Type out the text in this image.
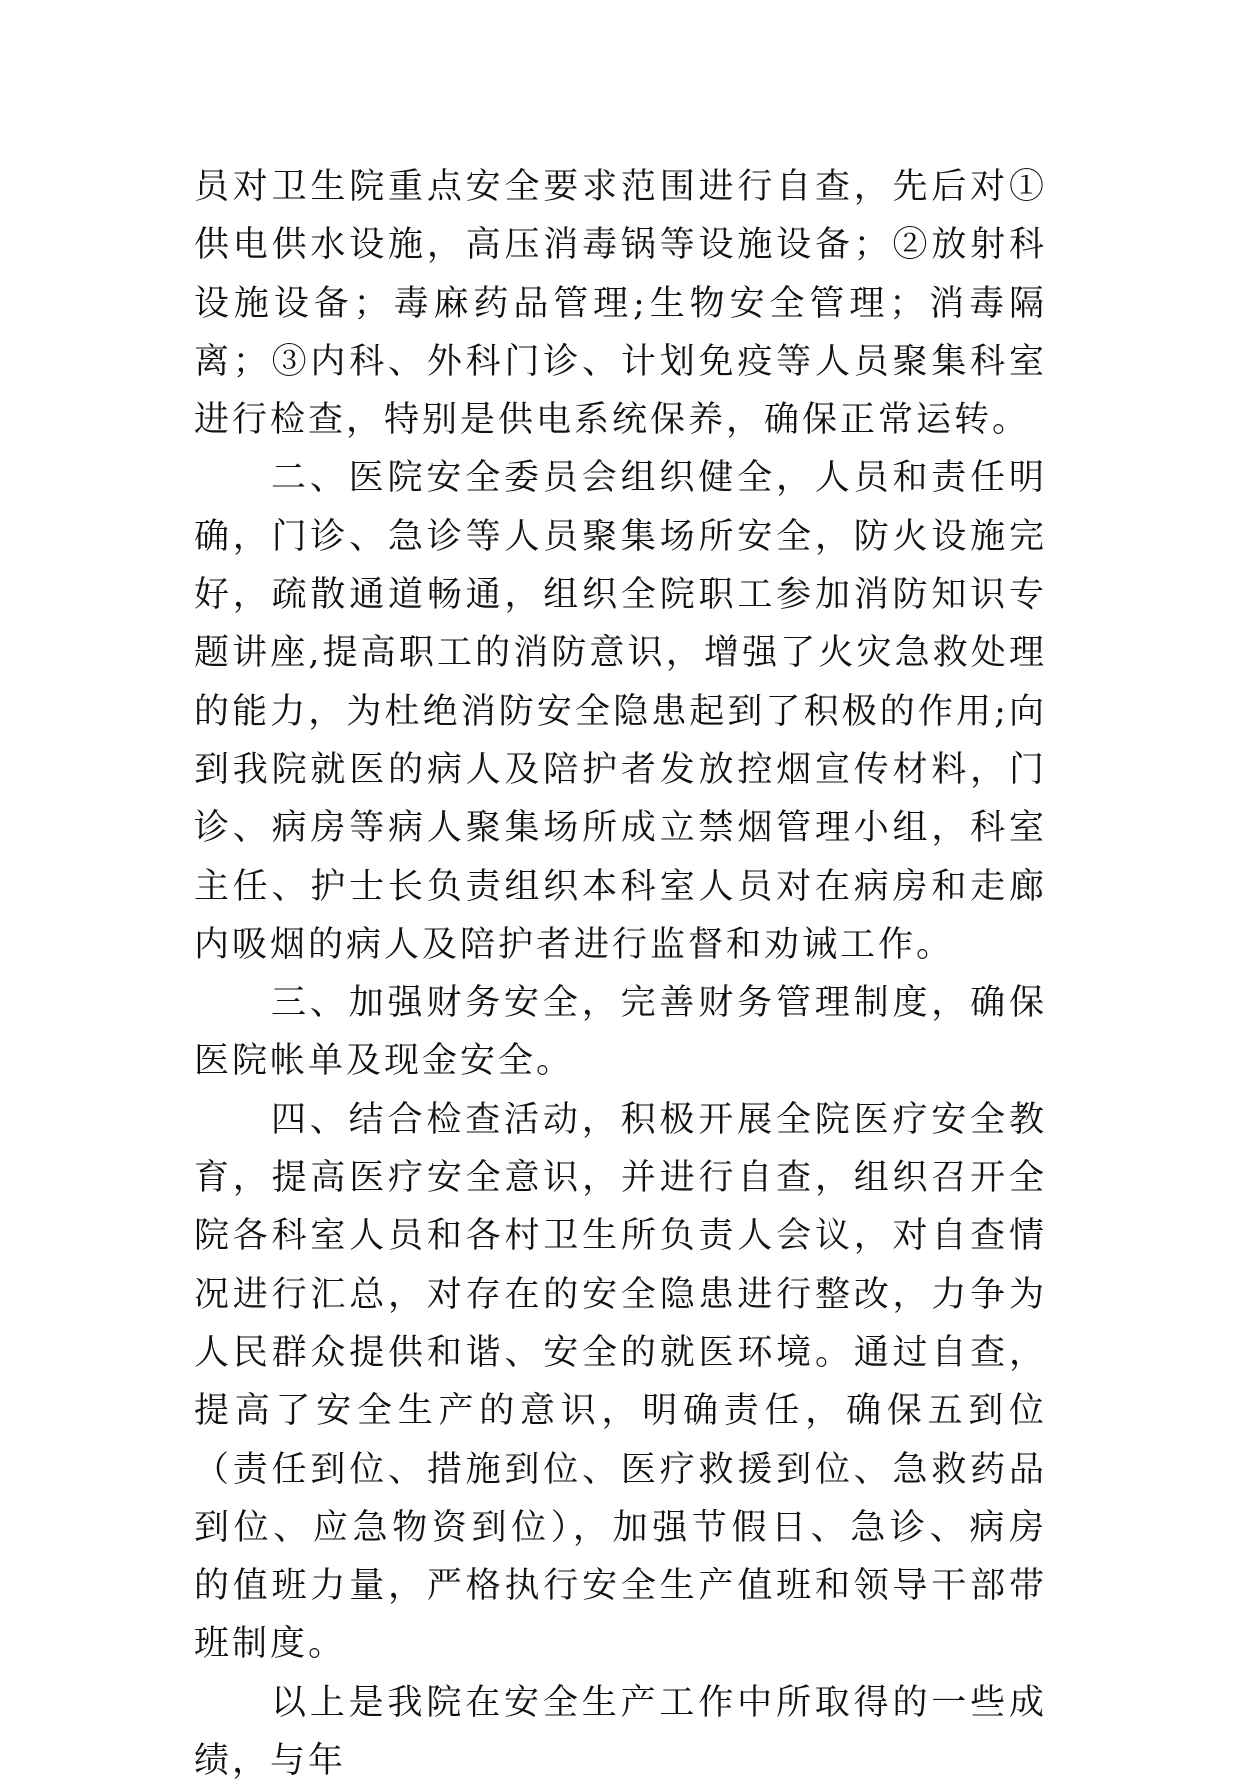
员对卫生院重点安全要求范围进行自查，先后对①供电供水设施，高压消毒锅等设施设备；②放射科设施设备；毒麻药品管理;生物安全管理；消毒隔离；③内科、外科门诊、计划免疫等人员聚集科室进行检查，特别是供电系统保养，确保正常运转。

二、医院安全委员会组织健全，人员和责任明确，门诊、急诊等人员聚集场所安全，防火设施完好，疏散通道畅通，组织全院职工参加消防知识专题讲座,提高职工的消防意识，增强了火灾急救处理的能力，为杜绝消防安全隐患起到了积极的作用;向到我院就医的病人及陪护者发放控烟宣传材料，门诊、病房等病人聚集场所成立禁烟管理小组，科室主任、护士长负责组织本科室人员对在病房和走廊内吸烟的病人及陪护者进行监督和劝诫工作。

三、加强财务安全，完善财务管理制度，确保医院帐单及现金安全。

四、结合检查活动，积极开展全院医疗安全教育，提高医疗安全意识，并进行自查，组织召开全院各科室人员和各村卫生所负责人会议，对自查情况进行汇总，对存在的安全隐患进行整改，力争为人民群众提供和谐、安全的就医环境。通过自查，提高了安全生产的意识，明确责任，确保五到位（责任到位、措施到位、医疗救援到位、急救药品到位、应急物资到位），加强节假日、急诊、病房的值班力量，严格执行安全生产值班和领导干部带班制度。

以上是我院在安全生产工作中所取得的一些成绩，与年
